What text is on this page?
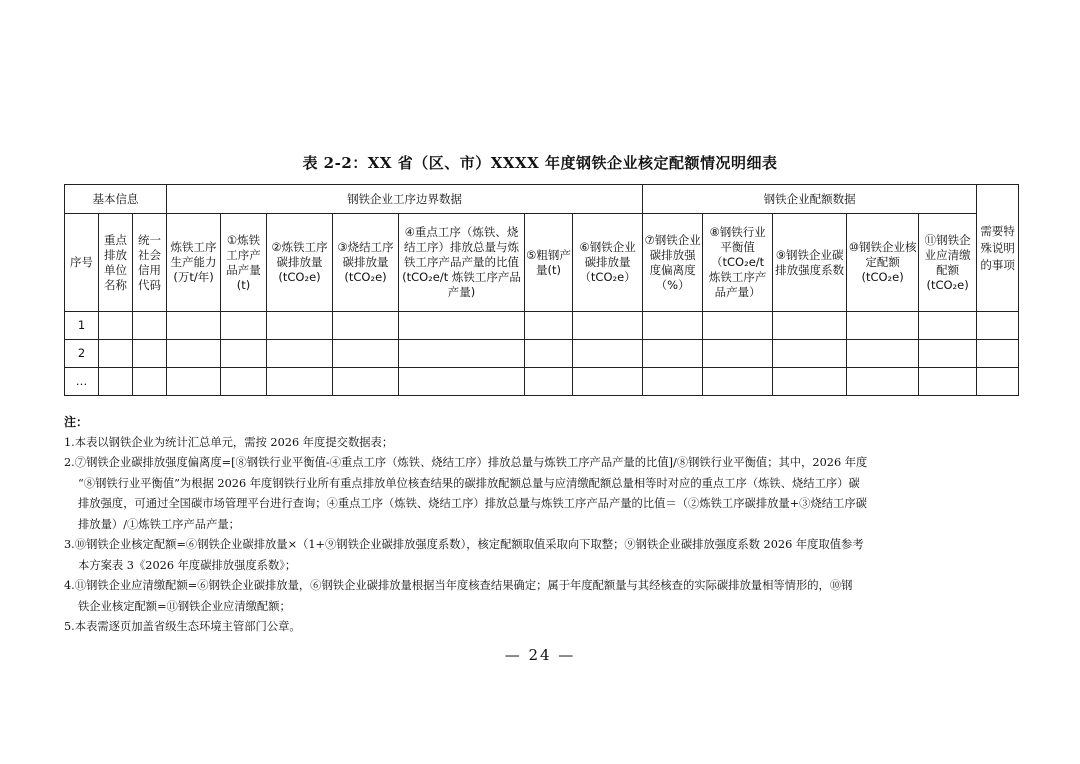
表 2-2：XX 省（区、市）XXXX 年度钢铁企业核定配额情况明细表
基本信息			钢铁企业工序边界数据							钢铁企业配额数据					需要特殊说明的事项
序号	重点排放单位名称	统一社会信用代码	炼铁工序生产能力(万t/年)	①炼铁工序产品产量(t)	②炼铁工序碳排放量(tCO₂e)	③烧结工序碳排放量(tCO₂e)	④重点工序（炼铁、烧结工序）排放总量与炼铁工序产品产量的比值(tCO₂e/t 炼铁工序产品产量)	⑤粗钢产量(t)	⑥钢铁企业碳排放量（tCO₂e）	⑦钢铁企业碳排放强度偏离度（%）	⑧钢铁行业平衡值（tCO₂e/t 炼铁工序产品产量）	⑨钢铁企业碳排放强度系数	⑩钢铁企业核定配额(tCO₂e)	⑪钢铁企业应清缴配额(tCO₂e)	
1															
2															
…															

注：

1.本表以钢铁企业为统计汇总单元，需按 2026 年度提交数据表；

2.⑦钢铁企业碳排放强度偏离度=[⑧钢铁行业平衡值-④重点工序（炼铁、烧结工序）排放总量与炼铁工序产品产量的比值]/⑧钢铁行业平衡值；其中，2026 年度

“⑧钢铁行业平衡值”为根据 2026 年度钢铁行业所有重点排放单位核查结果的碳排放配额总量与应清缴配额总量相等时对应的重点工序（炼铁、烧结工序）碳

排放强度，可通过全国碳市场管理平台进行查询；④重点工序（炼铁、烧结工序）排放总量与炼铁工序产品产量的比值＝（②炼铁工序碳排放量+③烧结工序碳

排放量）/①炼铁工序产品产量；

3.⑩钢铁企业核定配额=⑥钢铁企业碳排放量×（1+⑨钢铁企业碳排放强度系数），核定配额取值采取向下取整；⑨钢铁企业碳排放强度系数 2026 年度取值参考

本方案表 3《2026 年度碳排放强度系数》；

4.⑪钢铁企业应清缴配额=⑥钢铁企业碳排放量，⑥钢铁企业碳排放量根据当年度核查结果确定；属于年度配额量与其经核查的实际碳排放量相等情形的，⑩钢

铁企业核定配额=⑪钢铁企业应清缴配额；

5.本表需逐页加盖省级生态环境主管部门公章。

— 24 —
